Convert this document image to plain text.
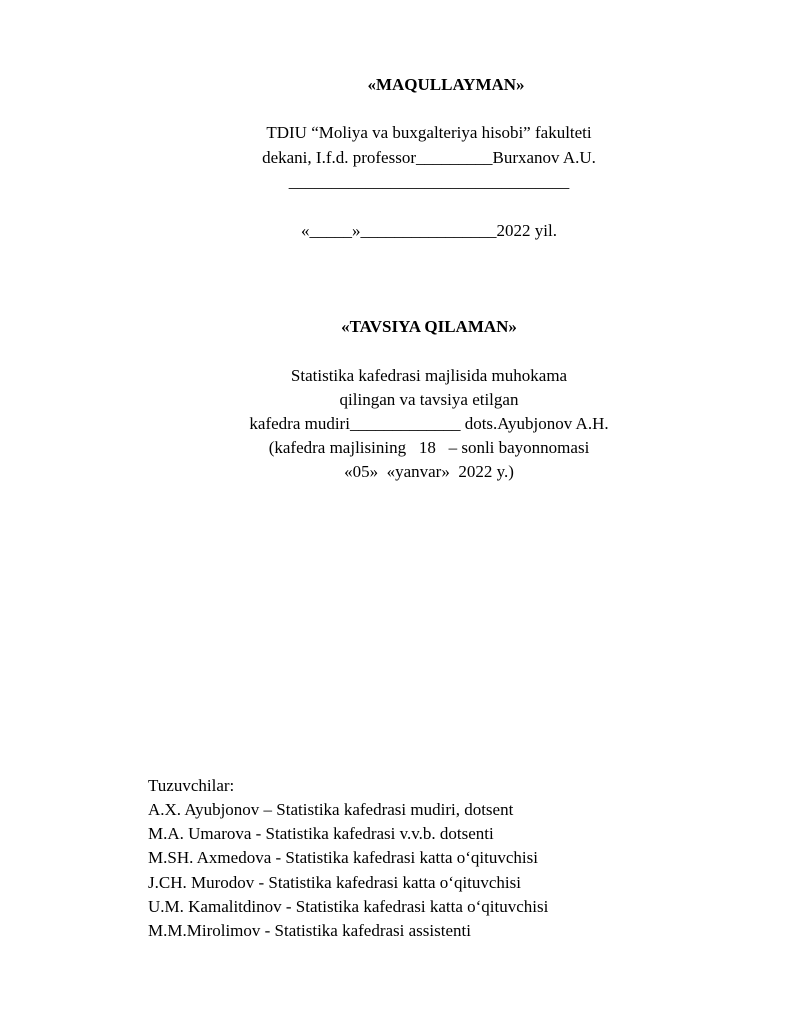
«MAQULLAYMAN»
TDIU “Moliya va buxgalteriya hisobi” fakulteti
dekani, I.f.d. professor_________Burxanov A.U.
_________________________________
«_____»________________2022 yil.
«TAVSIYA QILAMAN»
Statistika kafedrasi majlisida muhokama
qilingan va tavsiya etilgan
kafedra mudiri_____________ dots.Ayubjonov A.H.
(kafedra majlisining   18   – sonli bayonnomasi
«05»  «yanvar»  2022 y.)
Tuzuvchilar:
A.X. Ayubjonov – Statistika kafedrasi mudiri, dotsent
M.A. Umarova - Statistika kafedrasi v.v.b. dotsenti
M.SH. Axmedova - Statistika kafedrasi katta o‘qituvchisi
J.CH. Murodov - Statistika kafedrasi katta o‘qituvchisi
U.M. Kamalitdinov - Statistika kafedrasi katta o‘qituvchisi
M.M.Mirolimov - Statistika kafedrasi assistenti
